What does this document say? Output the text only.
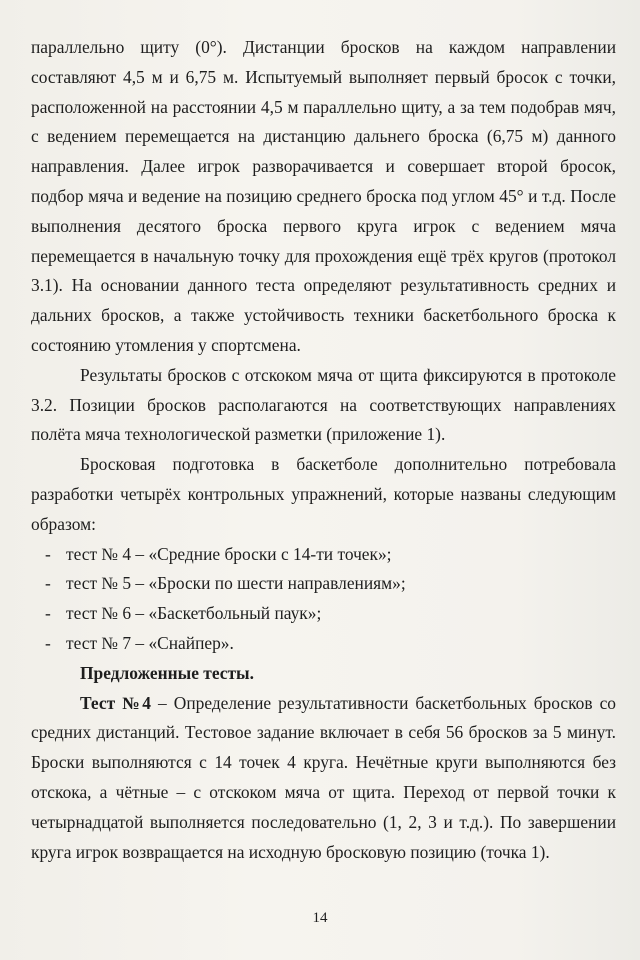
параллельно щиту (0°). Дистанции бросков на каждом направлении составляют 4,5 м и 6,75 м. Испытуемый выполняет первый бросок с точки, расположенной на расстоянии 4,5 м параллельно щиту, а за тем подобрав мяч, с ведением перемещается на дистанцию дальнего броска (6,75 м) данного направления. Далее игрок разворачивается и совершает второй бросок, подбор мяча и ведение на позицию среднего броска под углом 45° и т.д. После выполнения десятого броска первого круга игрок с ведением мяча перемещается в начальную точку для прохождения ещё трёх кругов (протокол 3.1). На основании данного теста определяют результативность средних и дальних бросков, а также устойчивость техники баскетбольного броска к состоянию утомления у спортсмена.

Результаты бросков с отскоком мяча от щита фиксируются в протоколе 3.2. Позиции бросков располагаются на соответствующих направлениях полёта мяча технологической разметки (приложение 1).

Бросковая подготовка в баскетболе дополнительно потребовала разработки четырёх контрольных упражнений, которые названы следующим образом:

- тест № 4 – «Средние броски с 14-ти точек»;
- тест № 5 – «Броски по шести направлениям»;
- тест № 6 – «Баскетбольный паук»;
- тест № 7 – «Снайпер».

Предложенные тесты.

Тест №4 – Определение результативности баскетбольных бросков со средних дистанций. Тестовое задание включает в себя 56 бросков за 5 минут. Броски выполняются с 14 точек 4 круга. Нечётные круги выполняются без отскока, а чётные – с отскоком мяча от щита. Переход от первой точки к четырнадцатой выполняется последовательно (1, 2, 3 и т.д.). По завершении круга игрок возвращается на исходную бросковую позицию (точка 1).

14
